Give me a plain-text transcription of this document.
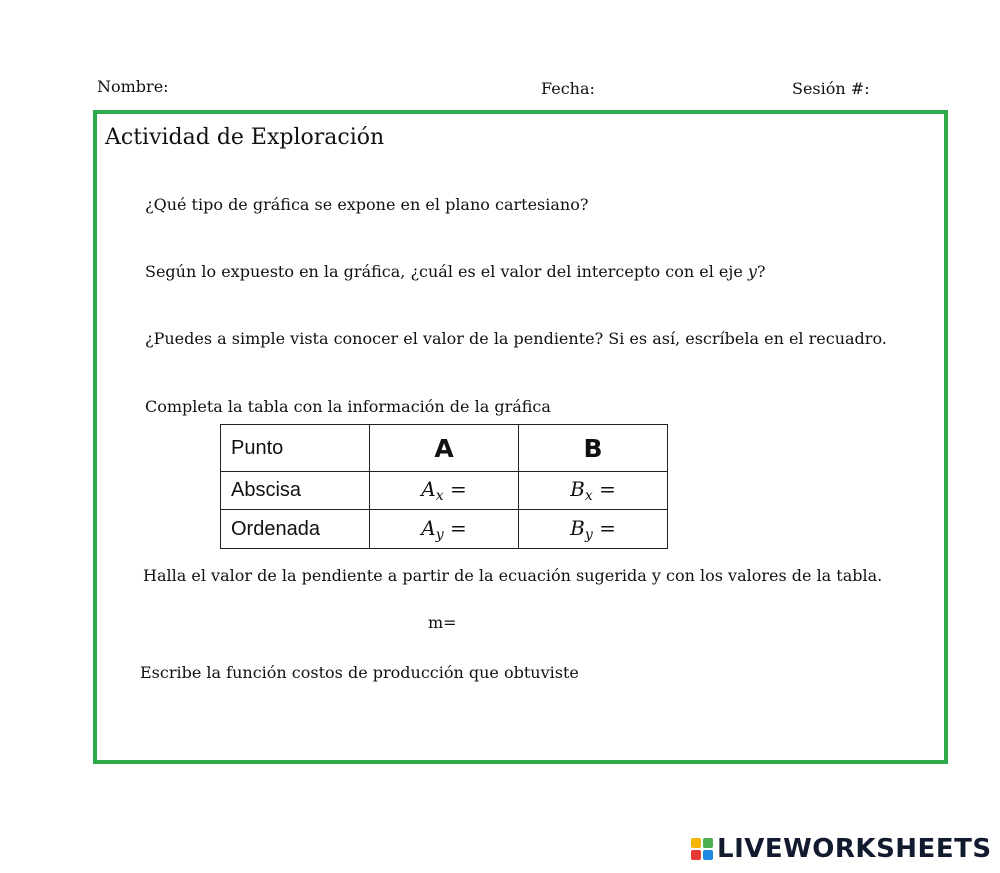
Nombre:	Fecha:	Sesión #:
Actividad de Exploración
¿Qué tipo de gráfica se expone en el plano cartesiano?
Según lo expuesto en la gráfica, ¿cuál es el valor del intercepto con el eje y?
¿Puedes a simple vista conocer el valor de la pendiente? Si es así, escríbela en el recuadro.
Completa la tabla con la información de la gráfica
Punto	A	B
Abscisa	$A_x$ =	$B_x$ =
Ordenada	$A_y$ =	$B_y$ =
Halla el valor de la pendiente a partir de la ecuación sugerida y con los valores de la tabla.
m=
Escribe la función costos de producción que obtuviste
LIVEWORKSHEETS
